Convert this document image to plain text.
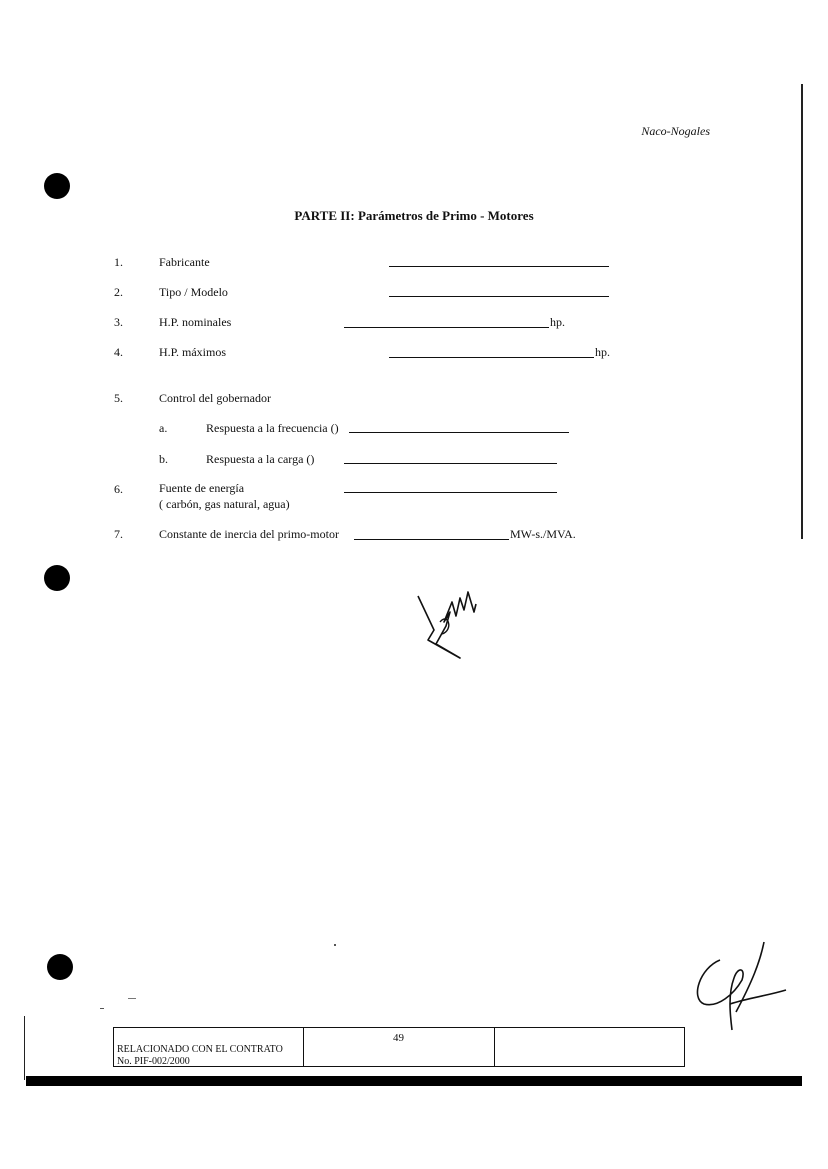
Naco-Nogales
PARTE II: Parámetros de Primo - Motores
1.	Fabricante
2.	Tipo / Modelo
3.	H.P. nominales	hp.
4.	H.P. máximos	hp.
5.	Control del gobernador
a.	Respuesta a la frecuencia ()
b.	Respuesta a la carga ()
6.	Fuente de energía
( carbón, gas natural, agua)
7.	Constante de inercia del primo-motor	MW-s./MVA.
RELACIONADO CON EL CONTRATO
No. PIF-002/2000
49
